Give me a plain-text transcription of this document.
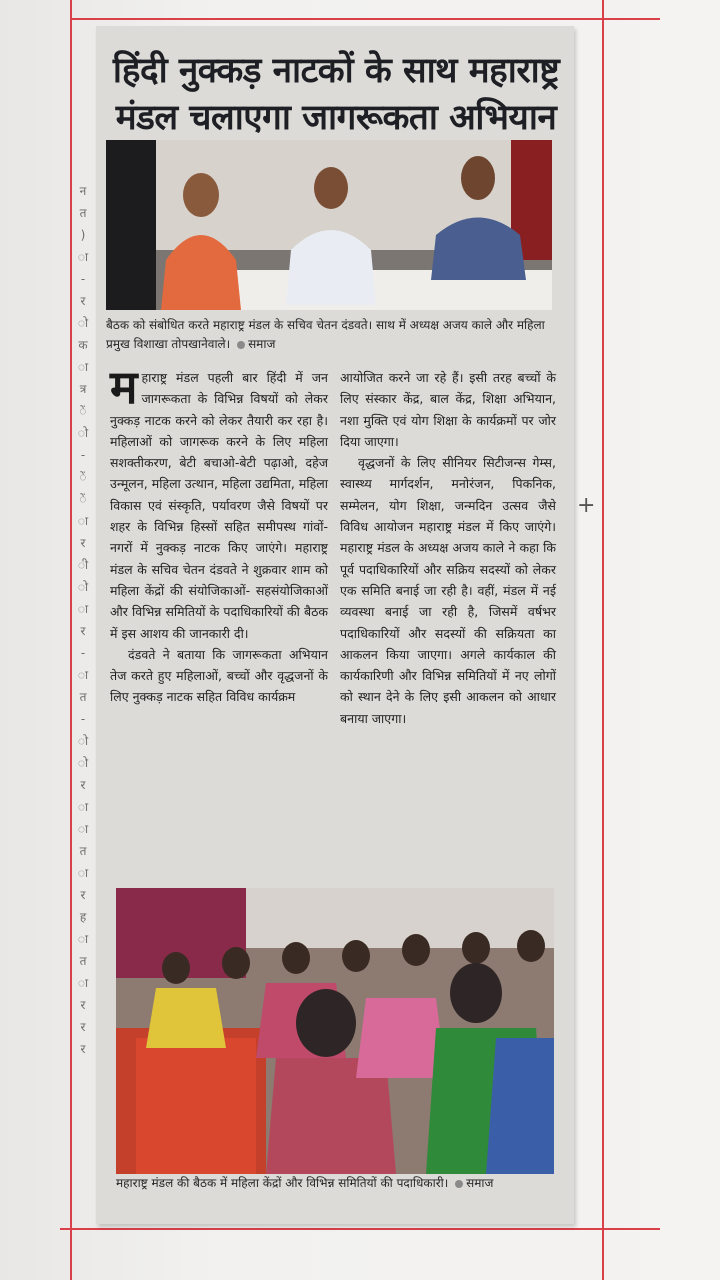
न
त
)
ा
-
र
ो
क
ा
त्र
ें
ो
-
ें
ें
ा
र
ी
ो
ा
र
-
ा
त
-
ो
ो
र
ा
ा
त
ा
र
ह
ा
त
ा
र
र
र
+
हिंदी नुक्कड़ नाटकों के साथ महाराष्ट्र मंडल चलाएगा जागरूकता अभियान
बैठक को संबोधित करते महाराष्ट्र मंडल के सचिव चेतन दंडवते। साथ में अध्यक्ष अजय काले और महिला प्रमुख विशाखा तोपखानेवाले। समाज

महाराष्ट्र मंडल पहली बार हिंदी में जन जागरूकता के विभिन्न विषयों को लेकर नुक्कड़ नाटक करने को लेकर तैयारी कर रहा है। महिलाओं को जागरूक करने के लिए महिला सशक्तीकरण, बेटी बचाओ-बेटी पढ़ाओ, दहेज उन्मूलन, महिला उत्थान, महिला उद्यमिता, महिला विकास एवं संस्कृति, पर्यावरण जैसे विषयों पर शहर के विभिन्न हिस्सों सहित समीपस्थ गांवों- नगरों में नुक्कड़ नाटक किए जाएंगे। महाराष्ट्र मंडल के सचिव चेतन दंडवते ने शुक्रवार शाम को महिला केंद्रों की संयोजिकाओं- सहसंयोजिकाओं और विभिन्न समितियों के पदाधिकारियों की बैठक में इस आशय की जानकारी दी।

दंडवते ने बताया कि जागरूकता अभियान तेज करते हुए महिलाओं, बच्चों और वृद्धजनों के लिए नुक्कड़ नाटक सहित विविध कार्यक्रम

आयोजित करने जा रहे हैं। इसी तरह बच्चों के लिए संस्कार केंद्र, बाल केंद्र, शिक्षा अभियान, नशा मुक्ति एवं योग शिक्षा के कार्यक्रमों पर जोर दिया जाएगा।

वृद्धजनों के लिए सीनियर सिटीजन्स गेम्स, स्वास्थ्य मार्गदर्शन, मनोरंजन, पिकनिक, सम्मेलन, योग शिक्षा, जन्मदिन उत्सव जैसे विविध आयोजन महाराष्ट्र मंडल में किए जाएंगे। महाराष्ट्र मंडल के अध्यक्ष अजय काले ने कहा कि पूर्व पदाधिकारियों और सक्रिय सदस्यों को लेकर एक समिति बनाई जा रही है। वहीं, मंडल में नई व्यवस्था बनाई जा रही है, जिसमें वर्षभर पदाधिकारियों और सदस्यों की सक्रियता का आकलन किया जाएगा। अगले कार्यकाल की कार्यकारिणी और विभिन्न समितियों में नए लोगों को स्थान देने के लिए इसी आकलन को आधार बनाया जाएगा।

महाराष्ट्र मंडल की बैठक में महिला केंद्रों और विभिन्न समितियों की पदाधिकारी। समाज
